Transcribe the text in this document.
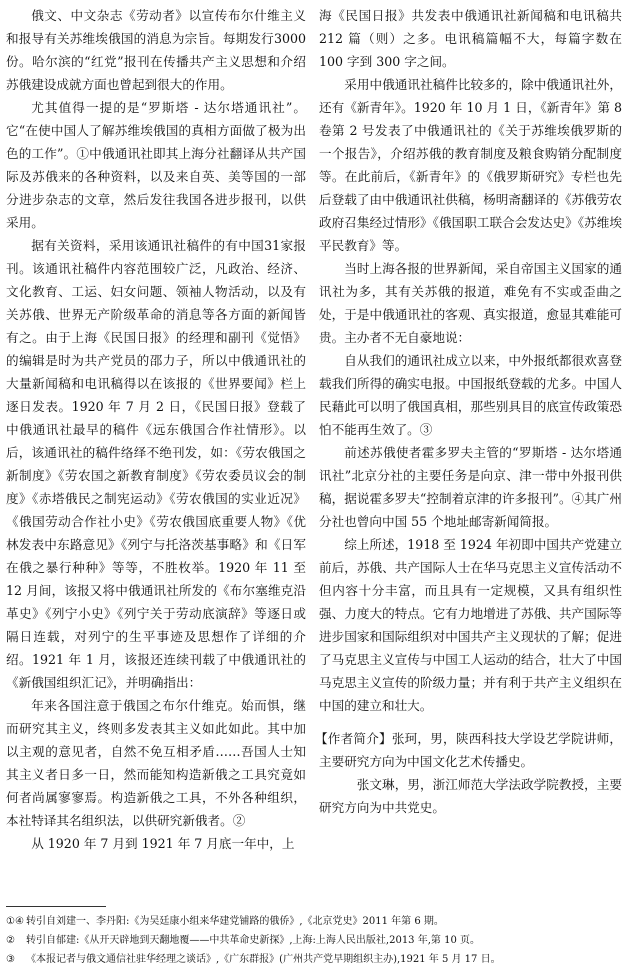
俄文、中文杂志《劳动者》以宣传布尔什维主义和报导有关苏维埃俄国的消息为宗旨。每期发行3000份。哈尔滨的“红党”报刊在传播共产主义思想和介绍苏俄建设成就方面也曾起到很大的作用。

尤其值得一提的是“罗斯塔 - 达尔塔通讯社”。它“在使中国人了解苏维埃俄国的真相方面做了极为出色的工作”。①中俄通讯社即其上海分社翻译从共产国际及苏俄来的各种资料，以及来自英、美等国的一部分进步杂志的文章，然后发往我国各进步报刊，以供采用。

据有关资料，采用该通讯社稿件的有中国31家报刊。该通讯社稿件内容范围较广泛，凡政治、经济、文化教育、工运、妇女问题、领袖人物活动，以及有关苏俄、世界无产阶级革命的消息等各方面的新闻皆有之。由于上海《民国日报》的经理和副刊《觉悟》的编辑是时为共产党员的邵力子，所以中俄通讯社的大量新闻稿和电讯稿得以在该报的《世界要闻》栏上逐日发表。1920 年 7 月 2 日，《民国日报》登载了中俄通讯社最早的稿件《远东俄国合作社情形》。以后，该通讯社的稿件络绎不绝刊发，如：《劳农俄国之新制度》《劳农国之新教育制度》《劳农委员议会的制度》《赤塔俄民之制宪运动》《劳农俄国的实业近况》《俄国劳动合作社小史》《劳农俄国底重要人物》《优林发表中东路意见》《列宁与托洛茨基事略》和《日军在俄之暴行种种》等等，不胜枚举。1920 年 11 至 12 月间，该报又将中俄通讯社所发的《布尔塞维克沿革史》《列宁小史》《列宁关于劳动底演辞》等逐日或隔日连载，对列宁的生平事迹及思想作了详细的介绍。1921 年 1 月，该报还连续刊载了中俄通讯社的《新俄国组织汇记》，并明确指出：

年来各国注意于俄国之布尔什维克。始而惧，继而研究其主义，终则多发表其主义如此如此。其中加以主观的意见者，自然不免互相矛盾……吾国人士知其主义者日多一日，然而能知构造新俄之工具究竟如何者尚属寥寥焉。构造新俄之工具，不外各种组织，本社特译其名组织法，以供研究新俄者。②

从 1920 年 7 月到 1921 年 7 月底一年中，上

海《民国日报》共发表中俄通讯社新闻稿和电讯稿共212 篇（则）之多。电讯稿篇幅不大，每篇字数在 100 字到 300 字之间。

采用中俄通讯社稿件比较多的，除中俄通讯社外，还有《新青年》。1920 年 10 月 1 日，《新青年》第 8 卷第 2 号发表了中俄通讯社的《关于苏维埃俄罗斯的一个报告》，介绍苏俄的教育制度及粮食购销分配制度等。在此前后，《新青年》的《俄罗斯研究》专栏也先后登载了由中俄通讯社供稿，杨明斋翻译的《苏俄劳农政府召集经过情形》《俄国职工联合会发达史》《苏维埃平民教育》等。

当时上海各报的世界新闻，采自帝国主义国家的通讯社为多，其有关苏俄的报道，难免有不实或歪曲之处，于是中俄通讯社的客观、真实报道，愈显其难能可贵。主办者不无自豪地说：

自从我们的通讯社成立以来，中外报纸都很欢喜登载我们所得的确实电报。中国报纸登载的尤多。中国人民藉此可以明了俄国真相，那些别具目的底宣传政策恐怕不能再生效了。③

前述苏俄使者霍多罗夫主管的“罗斯塔 - 达尔塔通讯社”北京分社的主要任务是向京、津一带中外报刊供稿，据说霍多罗夫“控制着京津的许多报刊”。④其广州分社也曾向中国 55 个地址邮寄新闻简报。

综上所述，1918 至 1924 年初即中国共产党建立前后，苏俄、共产国际人士在华马克思主义宣传活动不但内容十分丰富，而且具有一定规模，又具有组织性强、力度大的特点。它有力地增进了苏俄、共产国际等进步国家和国际组织对中国共产主义现状的了解；促进了马克思主义宣传与中国工人运动的结合，壮大了中国马克思主义宣传的阶级力量；并有利于共产主义组织在中国的建立和壮大。

【作者简介】张珂，男，陕西科技大学设艺学院讲师，主要研究方向为中国文化艺术传播史。
张文琳，男，浙江师范大学法政学院教授，主要研究方向为中共党史。
①④ 转引自刘建一、李丹阳:《为吴廷康小组来华建党铺路的俄侨》,《北京党史》2011 年第 6 期。
② 转引自郁建:《从开天辟地到天翻地覆——中共革命史新探》,上海:上海人民出版社,2013 年,第 10 页。
③ 《本报记者与俄文通信社驻华经理之谈话》,《广东群报》(广州共产党早期组织主办),1921 年 5 月 17 日。
